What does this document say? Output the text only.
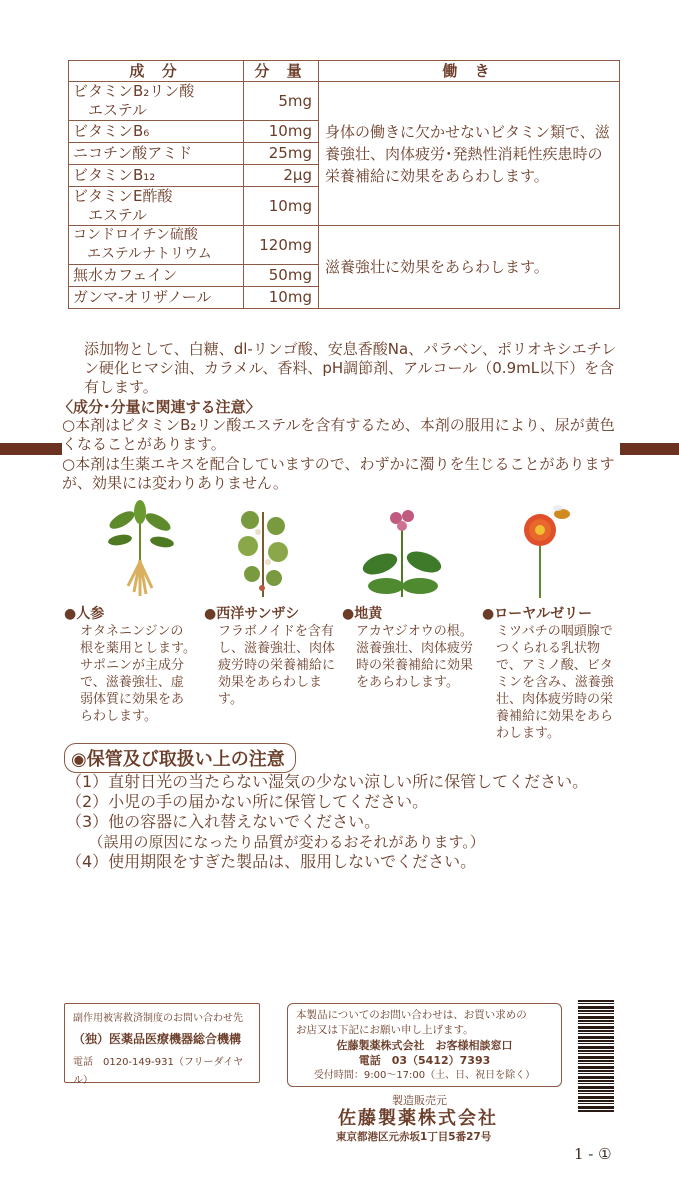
成 分	分 量	働 き
ビタミンB₂リン酸
　エステル	5mg	身体の働きに欠かせないビタミン類で、滋養強壮、肉体疲労･発熱性消耗性疾患時の栄養補給に効果をあらわします。
ビタミンB₆	10mg	
ニコチン酸アミド	25mg	
ビタミンB₁₂	2μg	
ビタミンE酢酸
　エステル	10mg	
コンドロイチン硫酸
　エステルナトリウム	120mg	滋養強壮に効果をあらわします。
無水カフェイン	50mg	
ガンマ-オリザノール	10mg	
添加物として、白糖、dl-リンゴ酸、安息香酸Na、パラベン、ポリオキシエチレン硬化ヒマシ油、カラメル、香料、pH調節剤、アルコール（0.9mL以下）を含有します。
〈成分･分量に関連する注意〉
○本剤はビタミンB₂リン酸エステルを含有するため、本剤の服用により、尿が黄色くなることがあります。
○本剤は生薬エキスを配合していますので、わずかに濁りを生じることがありますが、効果には変わりありません。
●人参
オタネニンジンの根を薬用とします。サポニンが主成分で、滋養強壮、虚弱体質に効果をあらわします。
●西洋サンザシ
フラボノイドを含有し、滋養強壮、肉体疲労時の栄養補給に効果をあらわします。
●地黄
アカヤジオウの根。滋養強壮、肉体疲労時の栄養補給に効果をあらわします。
●ローヤルゼリー
ミツバチの咽頭腺でつくられる乳状物で、アミノ酸、ビタミンを含み、滋養強壮、肉体疲労時の栄養補給に効果をあらわします。
◉保管及び取扱い上の注意
（1）直射日光の当たらない湿気の少ない涼しい所に保管してください。
（2）小児の手の届かない所に保管してください。
（3）他の容器に入れ替えないでください。
　　（誤用の原因になったり品質が変わるおそれがあります。）
（4）使用期限をすぎた製品は、服用しないでください。
副作用被害救済制度のお問い合わせ先
（独）医薬品医療機器総合機構
電話　0120-149-931（フリーダイヤル）
本製品についてのお問い合わせは、お買い求めの
お店又は下記にお願い申し上げます。
佐藤製薬株式会社　お客様相談窓口
電話　03（5412）7393
受付時間：9:00〜17:00（土、日、祝日を除く）
製造販売元
佐藤製薬株式会社
東京都港区元赤坂1丁目5番27号
1 - ①
